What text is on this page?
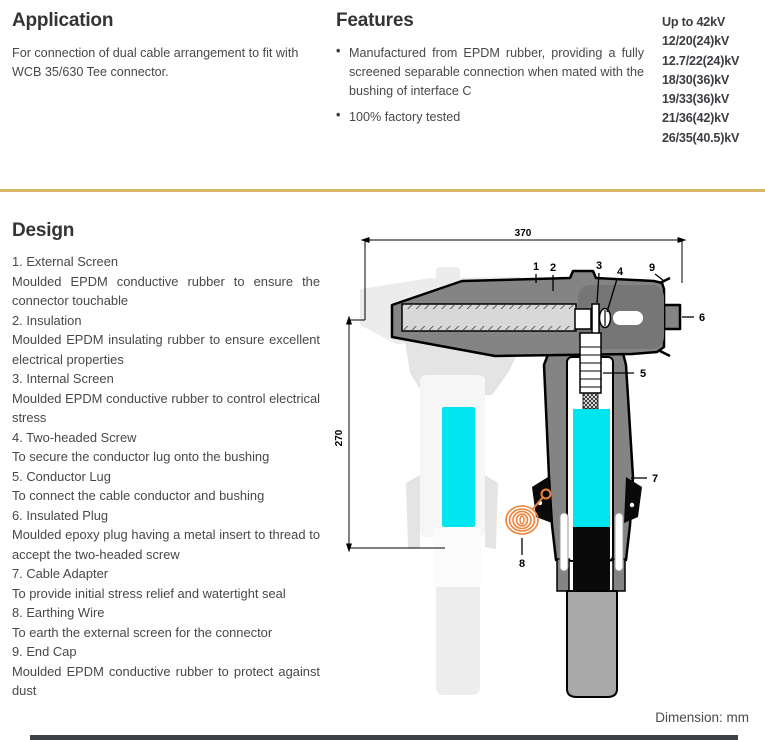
Application
For connection of dual cable arrangement to fit with WCB 35/630 Tee connector.
Features
• Manufactured from EPDM rubber, providing a fully screened separable connection when mated with the bushing of interface C
• 100% factory tested
Up to 42kV
12/20(24)kV
12.7/22(24)kV
18/30(36)kV
19/33(36)kV
21/36(42)kV
26/35(40.5)kV
Design
1. External Screen
Moulded EPDM conductive rubber to ensure the connector touchable
2. Insulation
Moulded EPDM insulating rubber to ensure excellent electrical properties
3. Internal Screen
Moulded EPDM conductive rubber to control electrical stress
4. Two-headed Screw
To secure the conductor lug onto the bushing
5. Conductor Lug
To connect the cable conductor and bushing
6. Insulated Plug
Moulded epoxy plug having a metal insert to thread to accept the two-headed screw
7. Cable Adapter
To provide initial stress relief and watertight seal
8. Earthing Wire
To earth the external screen for the connector
9. End Cap
Moulded EPDM conductive rubber to protect against dust
370
270
1 2	3 4
5
6
7
8
9
Dimension: mm
